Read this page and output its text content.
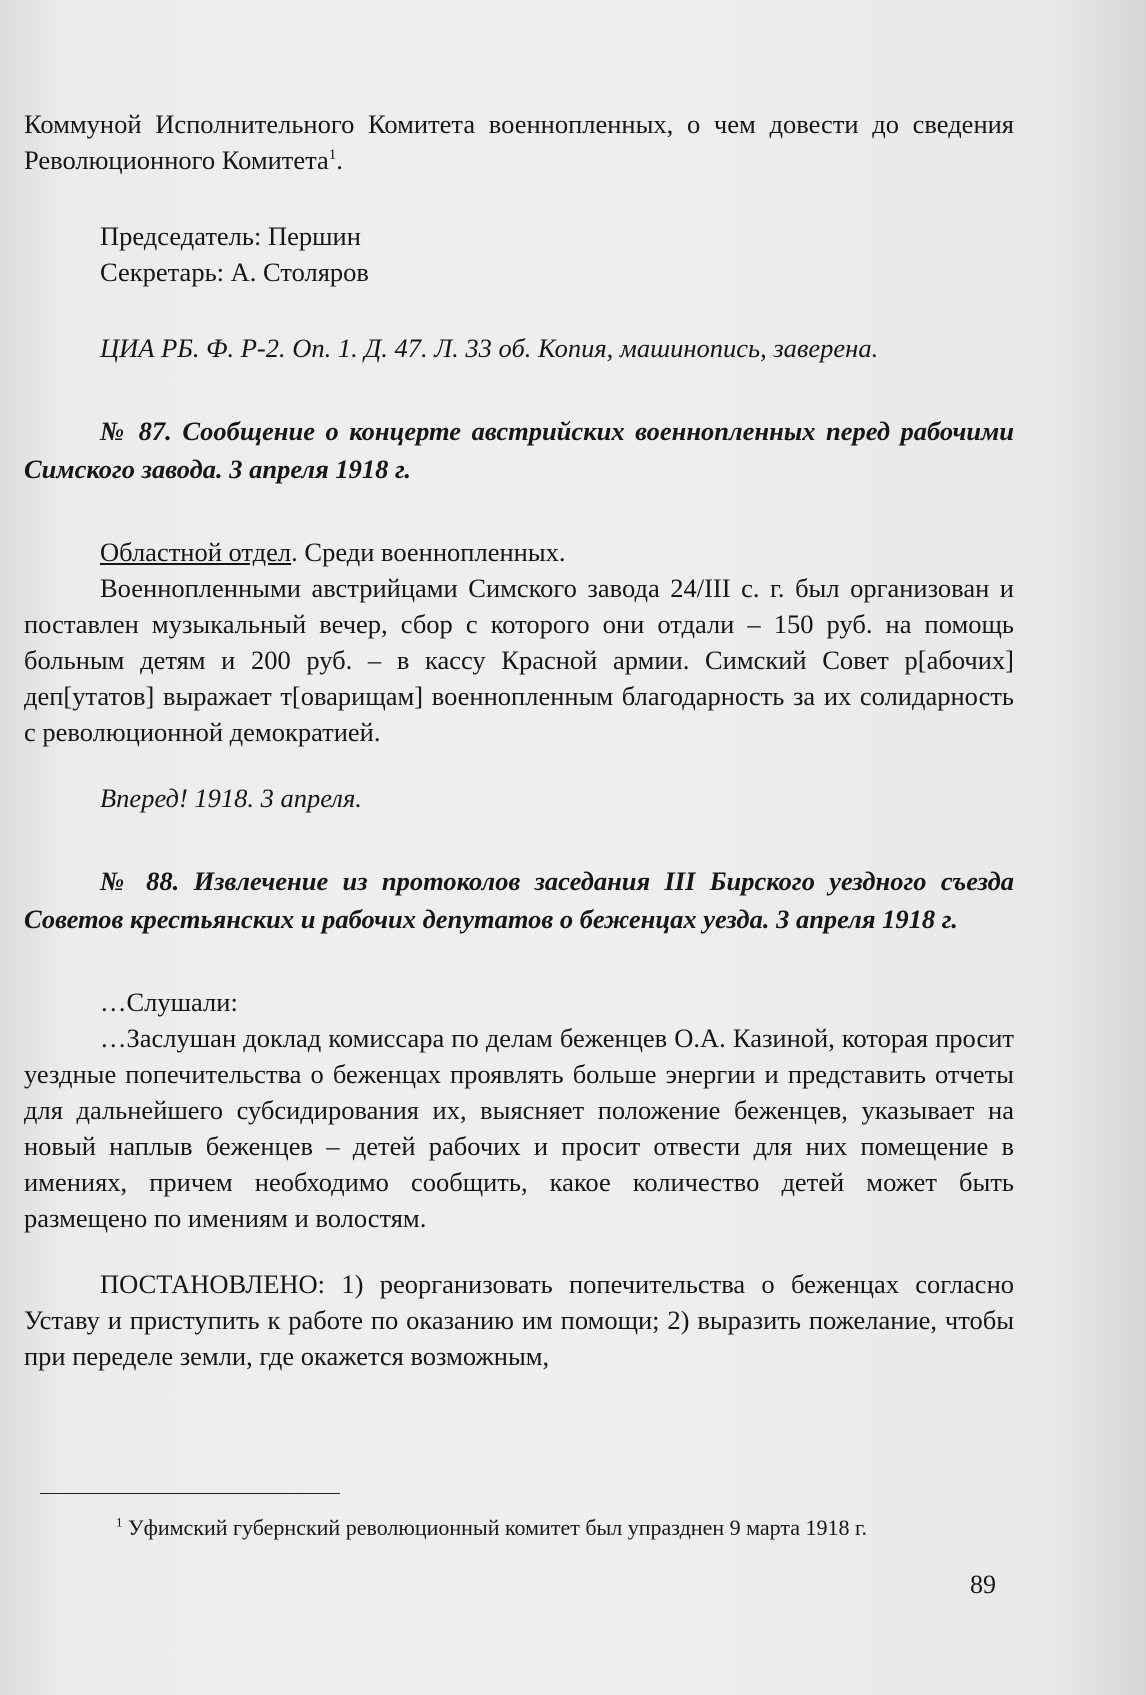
Коммуной Исполнительного Комитета военнопленных, о чем довести до сведения Революционного Комитета$^1$.

Председатель: Першин

Секретарь: А. Столяров

ЦИА РБ. Ф. Р-2. Оп. 1. Д. 47. Л. 33 об. Копия, машинопись, заверена.

№ 87. Сообщение о концерте австрийских военнопленных перед рабочими Симского завода. 3 апреля 1918 г.

Областной отдел. Среди военнопленных.

Военнопленными австрийцами Симского завода 24/III с. г. был организован и поставлен музыкальный вечер, сбор с которого они отдали – 150 руб. на помощь больным детям и 200 руб. – в кассу Красной армии. Симский Совет р[абочих] деп[утатов] выражает т[оварищам] военнопленным благодарность за их солидарность с революционной демократией.

Вперед! 1918. 3 апреля.

№ 88. Извлечение из протоколов заседания III Бирского уездного съезда Советов крестьянских и рабочих депутатов о беженцах уезда. 3 апреля 1918 г.

…Слушали:

…Заслушан доклад комиссара по делам беженцев О.А. Казиной, которая просит уездные попечительства о беженцах проявлять больше энергии и представить отчеты для дальнейшего субсидирования их, выясняет положение беженцев, указывает на новый наплыв беженцев – детей рабочих и просит отвести для них помещение в имениях, причем необходимо сообщить, какое количество детей может быть размещено по имениям и волостям.

ПОСТАНОВЛЕНО: 1) реорганизовать попечительства о беженцах согласно Уставу и приступить к работе по оказанию им помощи; 2) выразить пожелание, чтобы при переделе земли, где окажется возможным,

$^1$ Уфимский губернский революционный комитет был упразднен 9 марта 1918 г.

89
